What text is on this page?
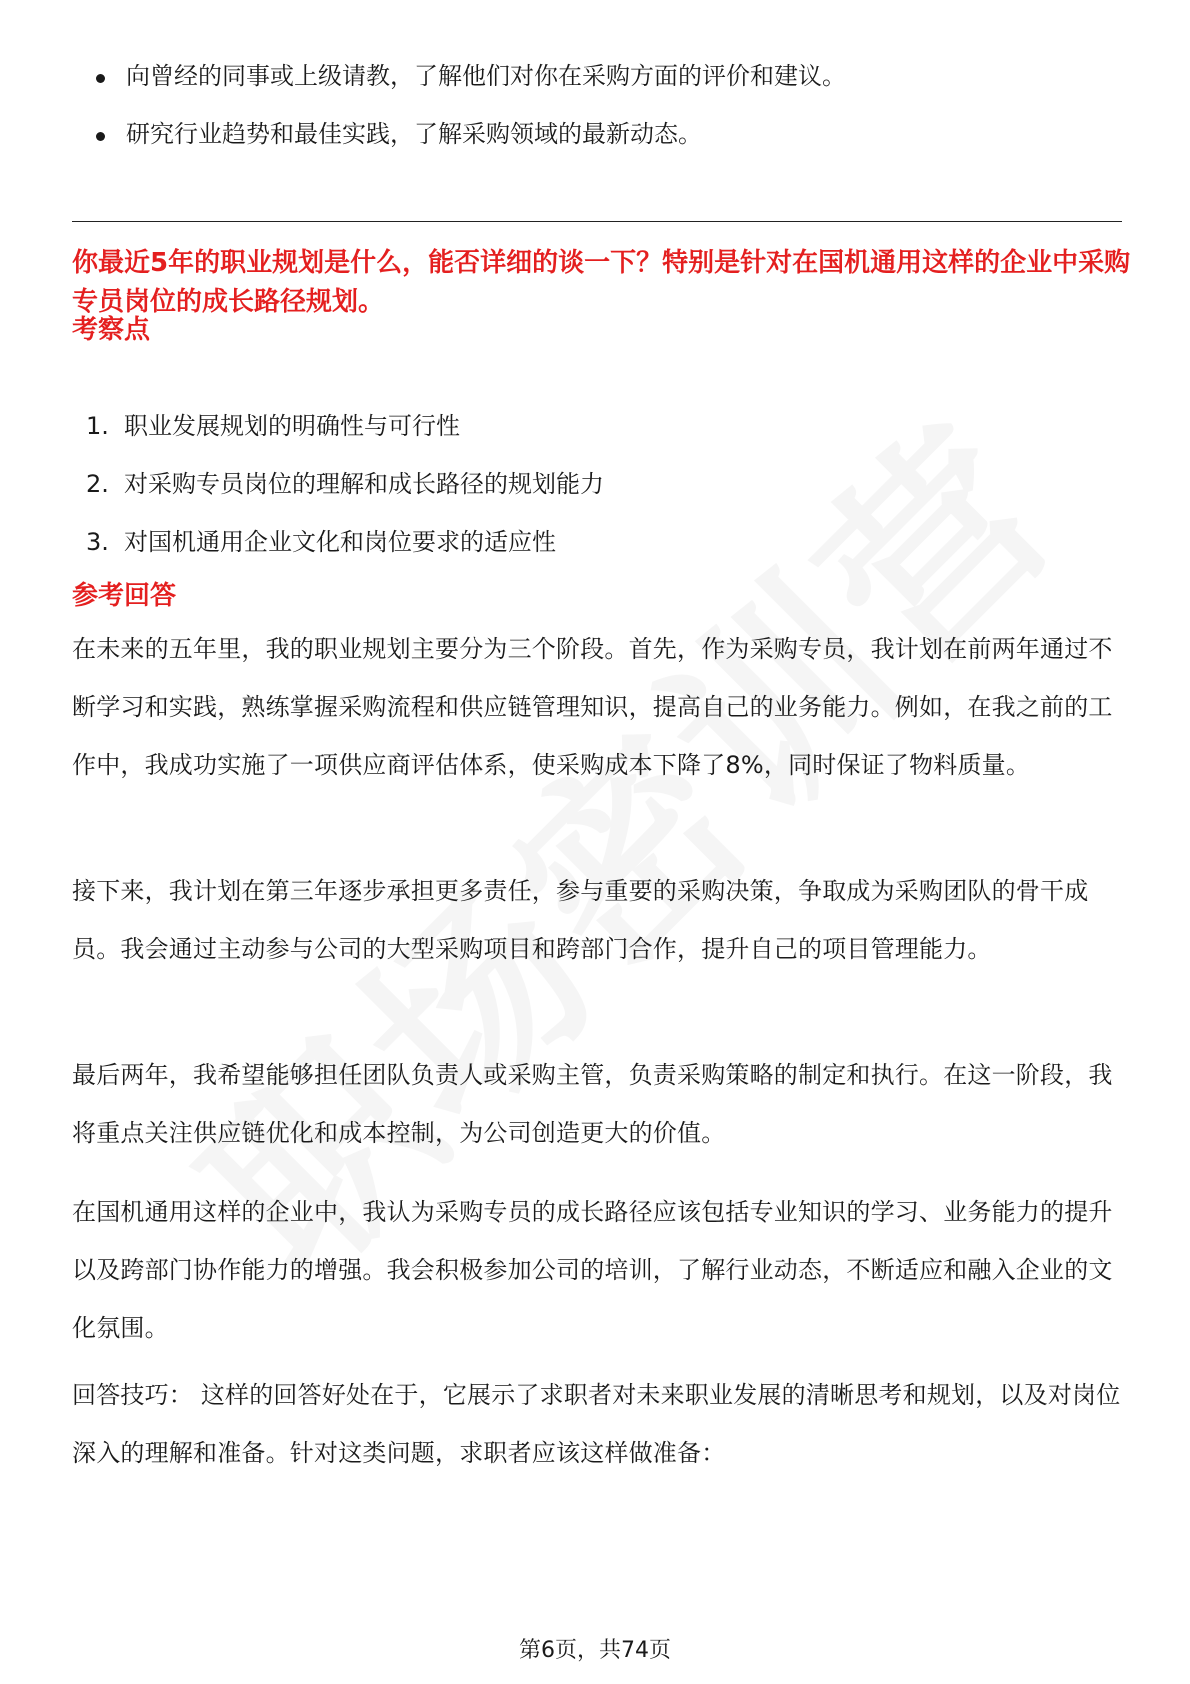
向曾经的同事或上级请教，了解他们对你在采购方面的评价和建议。
研究行业趋势和最佳实践，了解采购领域的最新动态。
你最近5年的职业规划是什么，能否详细的谈一下？特别是针对在国机通用这样的企业中采购专员岗位的成长路径规划。
考察点
1. 职业发展规划的明确性与可行性
2. 对采购专员岗位的理解和成长路径的规划能力
3. 对国机通用企业文化和岗位要求的适应性
参考回答
在未来的五年里，我的职业规划主要分为三个阶段。首先，作为采购专员，我计划在前两年通过不断学习和实践，熟练掌握采购流程和供应链管理知识，提高自己的业务能力。例如，在我之前的工作中，我成功实施了一项供应商评估体系，使采购成本下降了8%，同时保证了物料质量。
接下来，我计划在第三年逐步承担更多责任，参与重要的采购决策，争取成为采购团队的骨干成员。我会通过主动参与公司的大型采购项目和跨部门合作，提升自己的项目管理能力。
最后两年，我希望能够担任团队负责人或采购主管，负责采购策略的制定和执行。在这一阶段，我将重点关注供应链优化和成本控制，为公司创造更大的价值。
在国机通用这样的企业中，我认为采购专员的成长路径应该包括专业知识的学习、业务能力的提升以及跨部门协作能力的增强。我会积极参加公司的培训，了解行业动态，不断适应和融入企业的文化氛围。
回答技巧： 这样的回答好处在于，它展示了求职者对未来职业发展的清晰思考和规划，以及对岗位深入的理解和准备。针对这类问题，求职者应该这样做准备：
第6页，共74页
